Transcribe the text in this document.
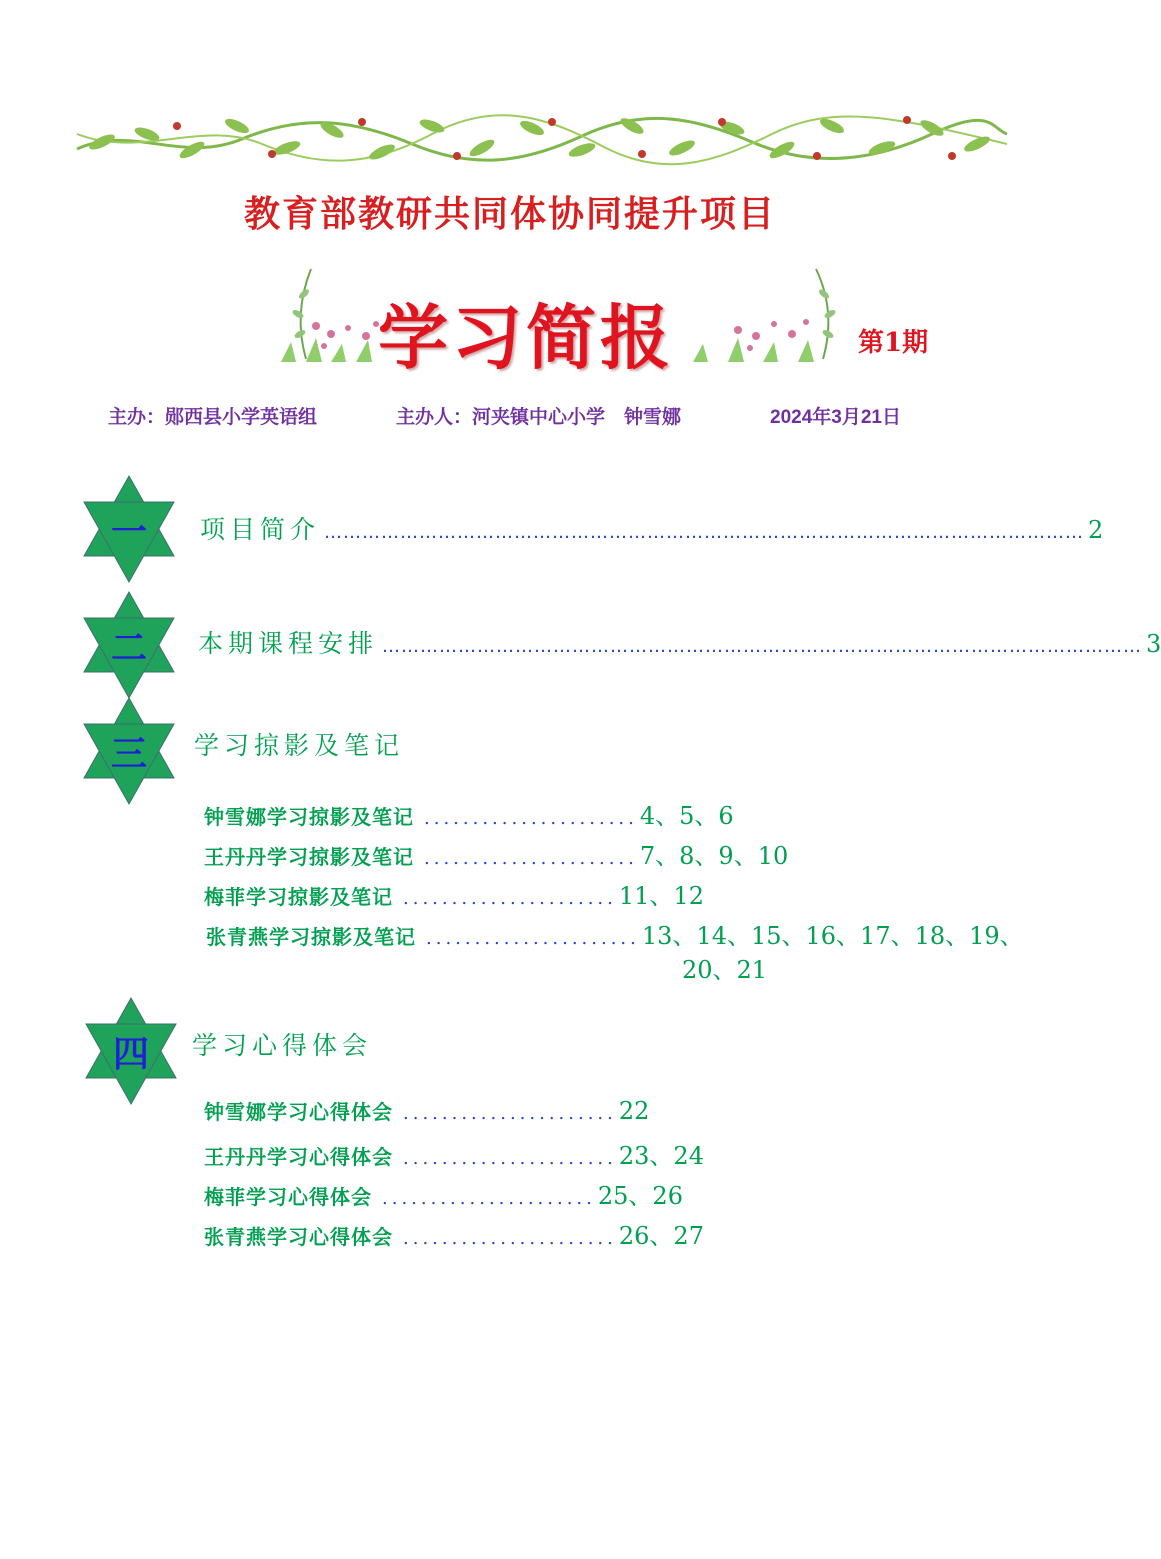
教育部教研共同体协同提升项目
学习简报	第1期
主办：郧西县小学英语组	主办人：河夹镇中心小学　钟雪娜	2024年3月21日
一	项目简介 ………………………………………………………………………………………………………… 2
二	本期课程安排 ………………………………………………………………………………………………………… 3
三	学习掠影及笔记
钟雪娜学习掠影及笔记 ...................... 4、5、6
王丹丹学习掠影及笔记 ...................... 7、8、9、10
梅菲学习掠影及笔记 ...................... 11、12
张青燕学习掠影及笔记 ...................... 13、14、15、16、17、18、19、
20、21
四	学习心得体会
钟雪娜学习心得体会 ...................... 22
王丹丹学习心得体会 ...................... 23、24
梅菲学习心得体会 ...................... 25、26
张青燕学习心得体会 ...................... 26、27
